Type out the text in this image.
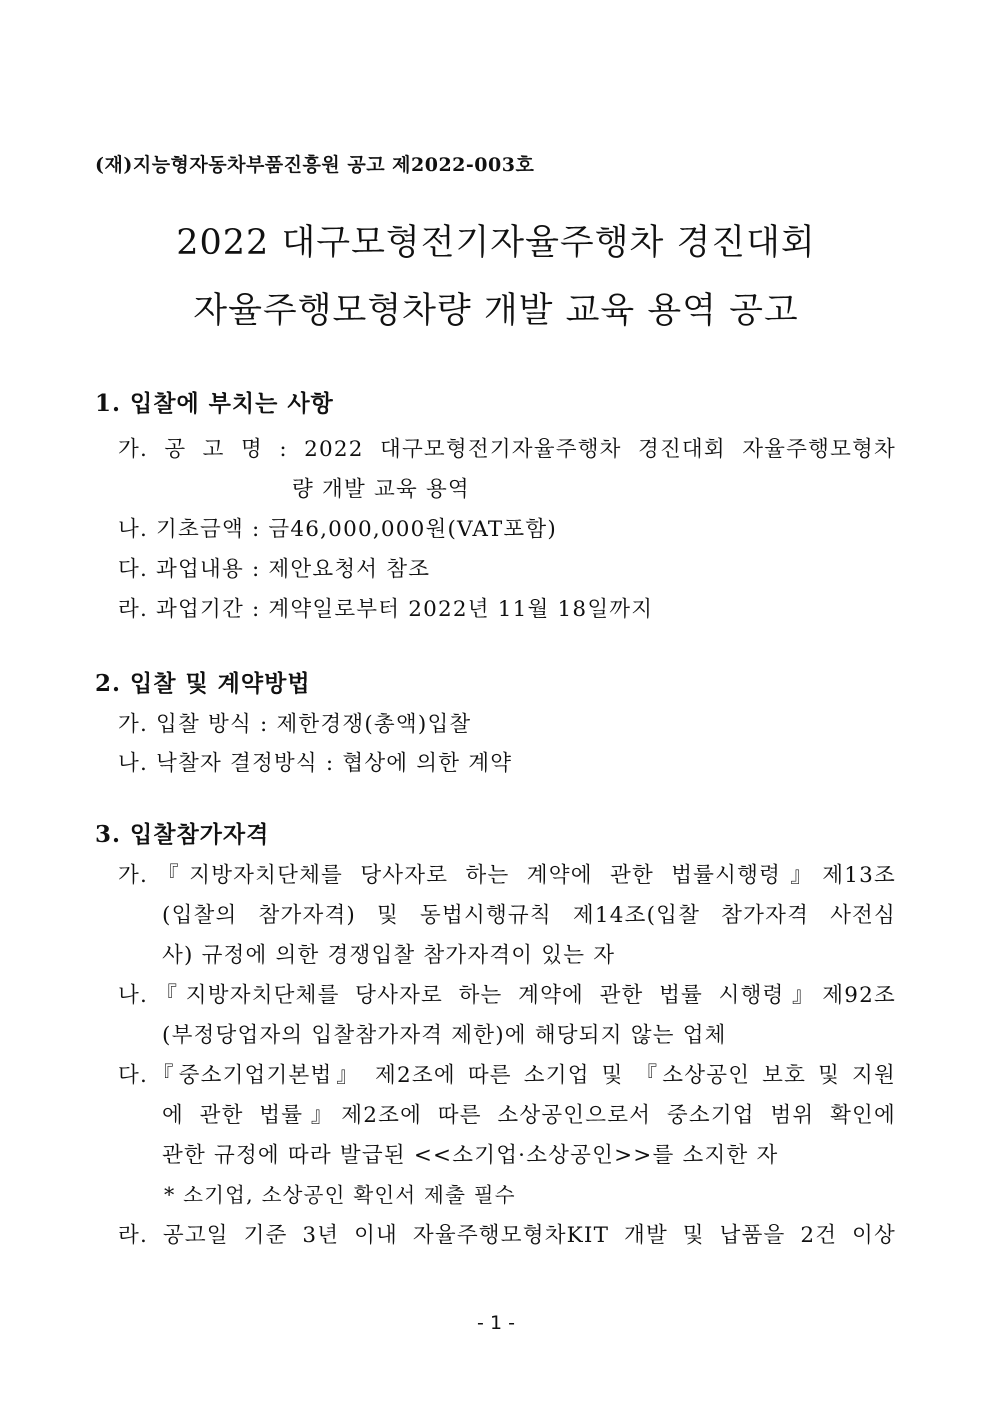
(재)지능형자동차부품진흥원 공고 제2022-003호
2022 대구모형전기자율주행차 경진대회
자율주행모형차량 개발 교육 용역 공고
1. 입찰에 부치는 사항
가. 공 고 명 : 2022 대구모형전기자율주행차 경진대회 자율주행모형차
량 개발 교육 용역
나. 기초금액 : 금46,000,000원(VAT포함)
다. 과업내용 : 제안요청서 참조
라. 과업기간 : 계약일로부터 2022년 11월 18일까지
2. 입찰 및 계약방법
가. 입찰 방식 : 제한경쟁(총액)입찰
나. 낙찰자 결정방식 : 협상에 의한 계약
3. 입찰참가자격
가.『지방자치단체를 당사자로 하는 계약에 관한 법률시행령』제13조
(입찰의 참가자격) 및 동법시행규칙 제14조(입찰 참가자격 사전심
사) 규정에 의한 경쟁입찰 참가자격이 있는 자
나.『지방자치단체를 당사자로 하는 계약에 관한 법률 시행령』제92조
(부정당업자의 입찰참가자격 제한)에 해당되지 않는 업체
다.『중소기업기본법』 제2조에 따른 소기업 및 『소상공인 보호 및 지원
에 관한 법률』제2조에 따른 소상공인으로서 중소기업 범위 확인에
관한 규정에 따라 발급된 <<소기업·소상공인>>를 소지한 자
* 소기업, 소상공인 확인서 제출 필수
라. 공고일 기준 3년 이내 자율주행모형차KIT 개발 및 납품을 2건 이상
- 1 -
